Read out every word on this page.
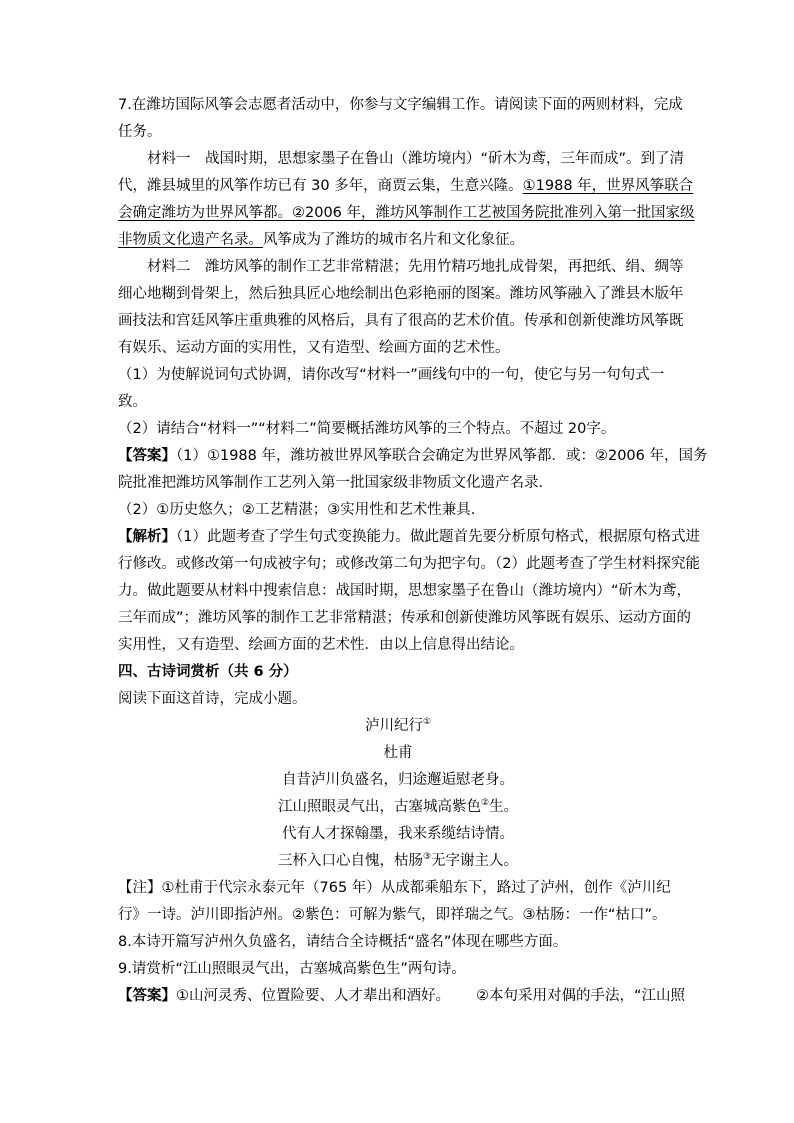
7.在潍坊国际风筝会志愿者活动中，你参与文字编辑工作。请阅读下面的两则材料，完成
任务。
材料一　战国时期，思想家墨子在鲁山（潍坊境内）“斫木为鸢，三年而成”。到了清
代，潍县城里的风筝作坊已有 30 多年，商贾云集，生意兴隆。①1988 年，世界风筝联合
会确定潍坊为世界风筝都。②2006 年，潍坊风筝制作工艺被国务院批准列入第一批国家级
非物质文化遗产名录。风筝成为了潍坊的城市名片和文化象征。
材料二　潍坊风筝的制作工艺非常精湛；先用竹精巧地扎成骨架，再把纸、绢、绸等
细心地糊到骨架上，然后独具匠心地绘制出色彩艳丽的图案。潍坊风筝融入了潍县木版年
画技法和宫廷风筝庄重典雅的风格后，具有了很高的艺术价值。传承和创新使潍坊风筝既
有娱乐、运动方面的实用性，又有造型、绘画方面的艺术性。
（1）为使解说词句式协调，请你改写“材料一”画线句中的一句，使它与另一句句式一
致。
（2）请结合“材料一”“材料二”简要概括潍坊风筝的三个特点。不超过 20字。
【答案】（1）①1988 年，潍坊被世界风筝联合会确定为世界风筝都．或：②2006 年，国务
院批准把潍坊风筝制作工艺列入第一批国家级非物质文化遗产名录．
（2）①历史悠久；②工艺精湛；③实用性和艺术性兼具．
【解析】（1）此题考查了学生句式变换能力。做此题首先要分析原句格式，根据原句格式进
行修改。或修改第一句成被字句；或修改第二句为把字句。（2）此题考查了学生材料探究能
力。做此题要从材料中搜索信息：战国时期，思想家墨子在鲁山（潍坊境内）“斫木为鸢，
三年而成”；潍坊风筝的制作工艺非常精湛；传承和创新使潍坊风筝既有娱乐、运动方面的
实用性，又有造型、绘画方面的艺术性．由以上信息得出结论。
四、古诗词赏析（共 6 分）
阅读下面这首诗，完成小题。
泸川纪行①
杜甫
自昔泸川负盛名，归途邂逅慰老身。
江山照眼灵气出，古塞城高紫色②生。
代有人才探翰墨，我来系缆结诗情。
三杯入口心自愧，枯肠③无字谢主人。
【注】①杜甫于代宗永泰元年（765 年）从成都乘船东下，路过了泸州，创作《泸川纪
行》一诗。泸川即指泸州。②紫色：可解为紫气，即祥瑞之气。③枯肠：一作“枯口”。
8.本诗开篇写泸州久负盛名，请结合全诗概括“盛名”体现在哪些方面。
9.请赏析“江山照眼灵气出，古塞城高紫色生”两句诗。
【答案】①山河灵秀、位置险要、人才辈出和酒好。 ②本句采用对偶的手法，“江山照
